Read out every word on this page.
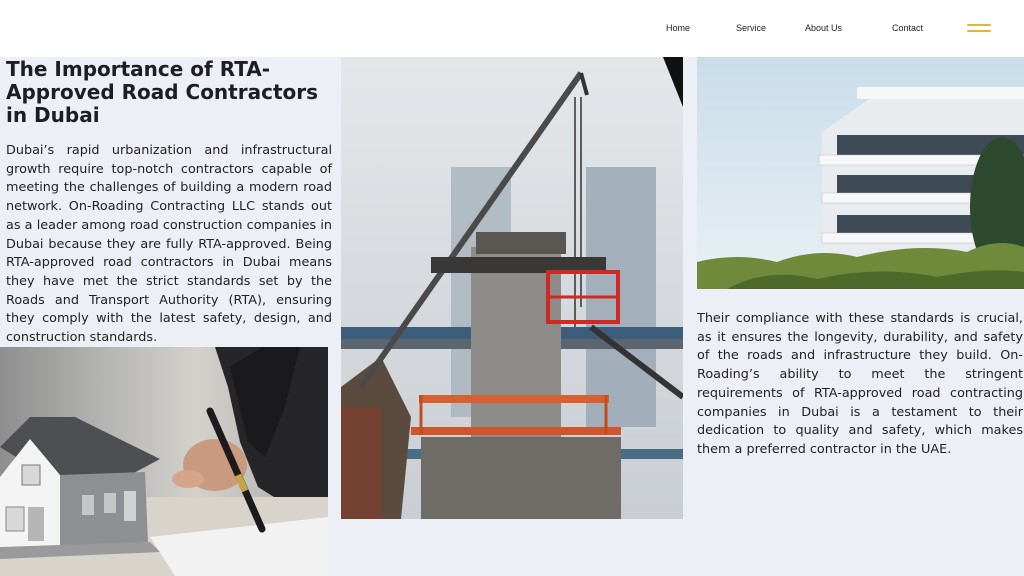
Home	Service	About Us	Contact
The Importance of RTA-Approved Road Contractors in Dubai

Dubai’s rapid urbanization and infrastructural growth require top-notch contractors capable of meeting the challenges of building a modern road network. On-Roading Contracting LLC stands out as a leader among road construction companies in Dubai because they are fully RTA-approved. Being RTA-approved road contractors in Dubai means they have met the strict standards set by the Roads and Transport Authority (RTA), ensuring they comply with the latest safety, design, and construction standards.

Their compliance with these standards is crucial, as it ensures the longevity, durability, and safety of the roads and infrastructure they build. On-Roading’s ability to meet the stringent requirements of RTA-approved road contracting companies in Dubai is a testament to their dedication to quality and safety, which makes them a preferred contractor in the UAE.
